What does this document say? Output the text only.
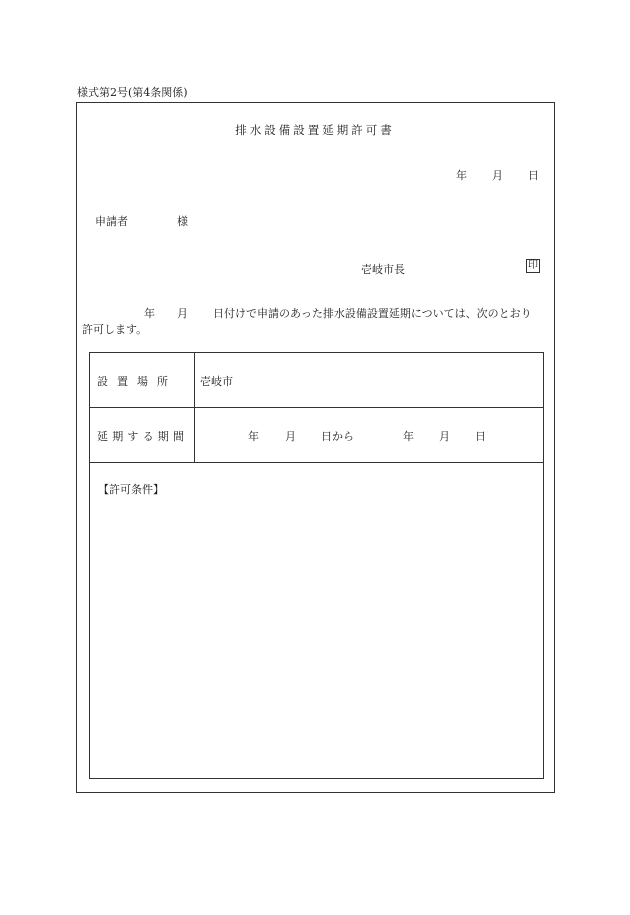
様式第2号(第4条関係)
排水設備設置延期許可書
年 月 日
申請者	様
壱岐市長	印
年 月 日付けで申請のあった排水設備設置延期については、次のとおり
許可します。
設置場所 壱岐市
延期する期間	年 月 日から	年 月 日
【許可条件】
